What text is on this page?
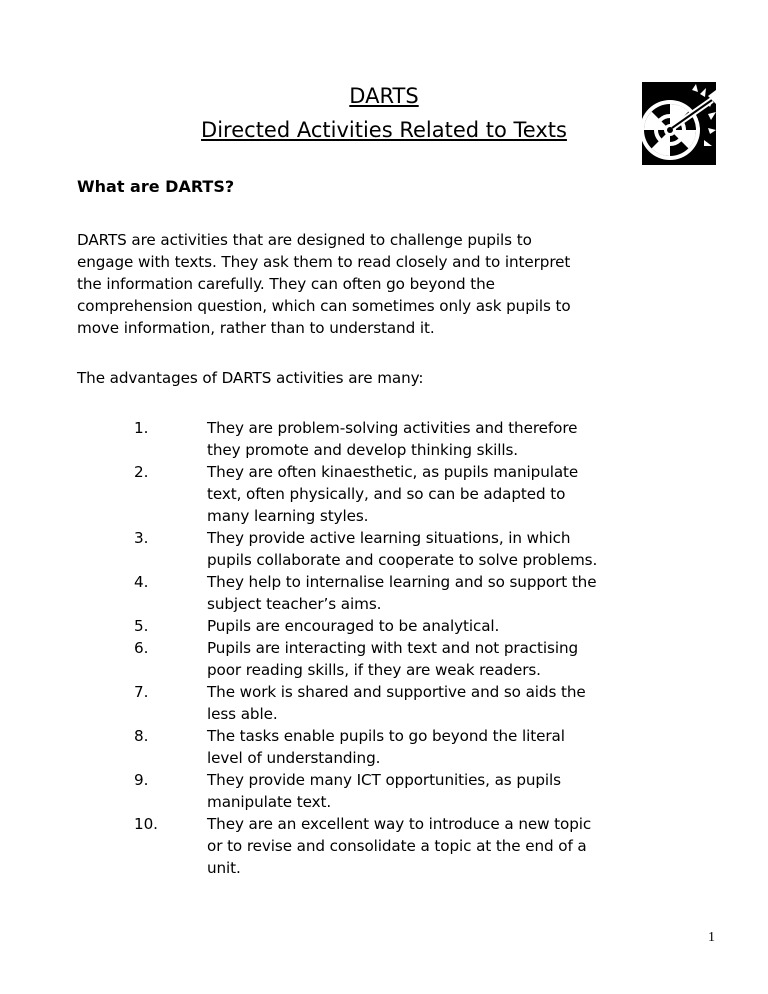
DARTS
Directed Activities Related to Texts
What are DARTS?
DARTS are activities that are designed to challenge pupils to
engage with texts. They ask them to read closely and to interpret
the information carefully. They can often go beyond the
comprehension question, which can sometimes only ask pupils to
move information, rather than to understand it.
The advantages of DARTS activities are many:
1.	They are problem-solving activities and therefore
they promote and develop thinking skills.
2.	They are often kinaesthetic, as pupils manipulate
text, often physically, and so can be adapted to
many learning styles.
3.	They provide active learning situations, in which
pupils collaborate and cooperate to solve problems.
4.	They help to internalise learning and so support the
subject teacher’s aims.
5.	Pupils are encouraged to be analytical.
6.	Pupils are interacting with text and not practising
poor reading skills, if they are weak readers.
7.	The work is shared and supportive and so aids the
less able.
8.	The tasks enable pupils to go beyond the literal
level of understanding.
9.	They provide many ICT opportunities, as pupils
manipulate text.
10.	They are an excellent way to introduce a new topic
or to revise and consolidate a topic at the end of a
unit.
1
